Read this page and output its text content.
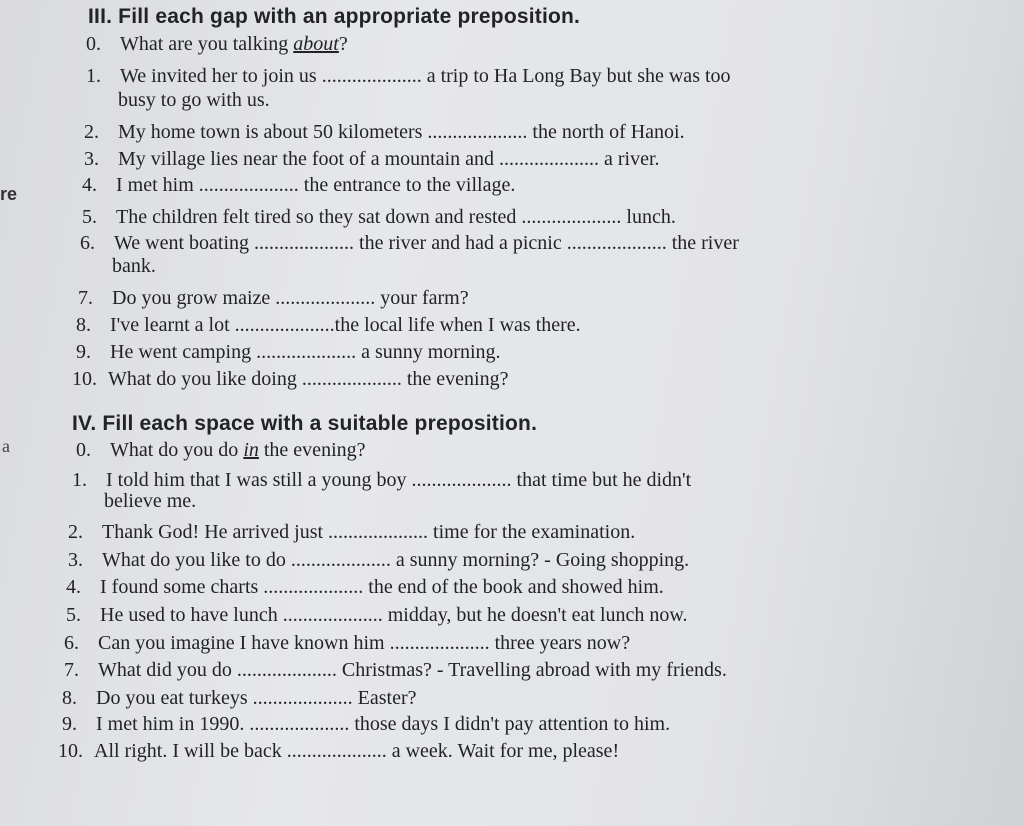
re
a
III. Fill each gap with an appropriate preposition.
0. What are you talking about?
1. We invited her to join us .................... a trip to Ha Long Bay but she was too
busy to go with us.
2. My home town is about 50 kilometers .................... the north of Hanoi.
3. My village lies near the foot of a mountain and .................... a river.
4. I met him .................... the entrance to the village.
5. The children felt tired so they sat down and rested .................... lunch.
6. We went boating .................... the river and had a picnic .................... the river
bank.
7. Do you grow maize .................... your farm?
8. I've learnt a lot ....................the local life when I was there.
9. He went camping .................... a sunny morning.
10. What do you like doing .................... the evening?
IV. Fill each space with a suitable preposition.
0. What do you do in the evening?
1. I told him that I was still a young boy .................... that time but he didn't
believe me.
2. Thank God! He arrived just .................... time for the examination.
3. What do you like to do .................... a sunny morning? - Going shopping.
4. I found some charts .................... the end of the book and showed him.
5. He used to have lunch .................... midday, but he doesn't eat lunch now.
6. Can you imagine I have known him .................... three years now?
7. What did you do .................... Christmas? - Travelling abroad with my friends.
8. Do you eat turkeys .................... Easter?
9. I met him in 1990. .................... those days I didn't pay attention to him.
10. All right. I will be back .................... a week. Wait for me, please!
